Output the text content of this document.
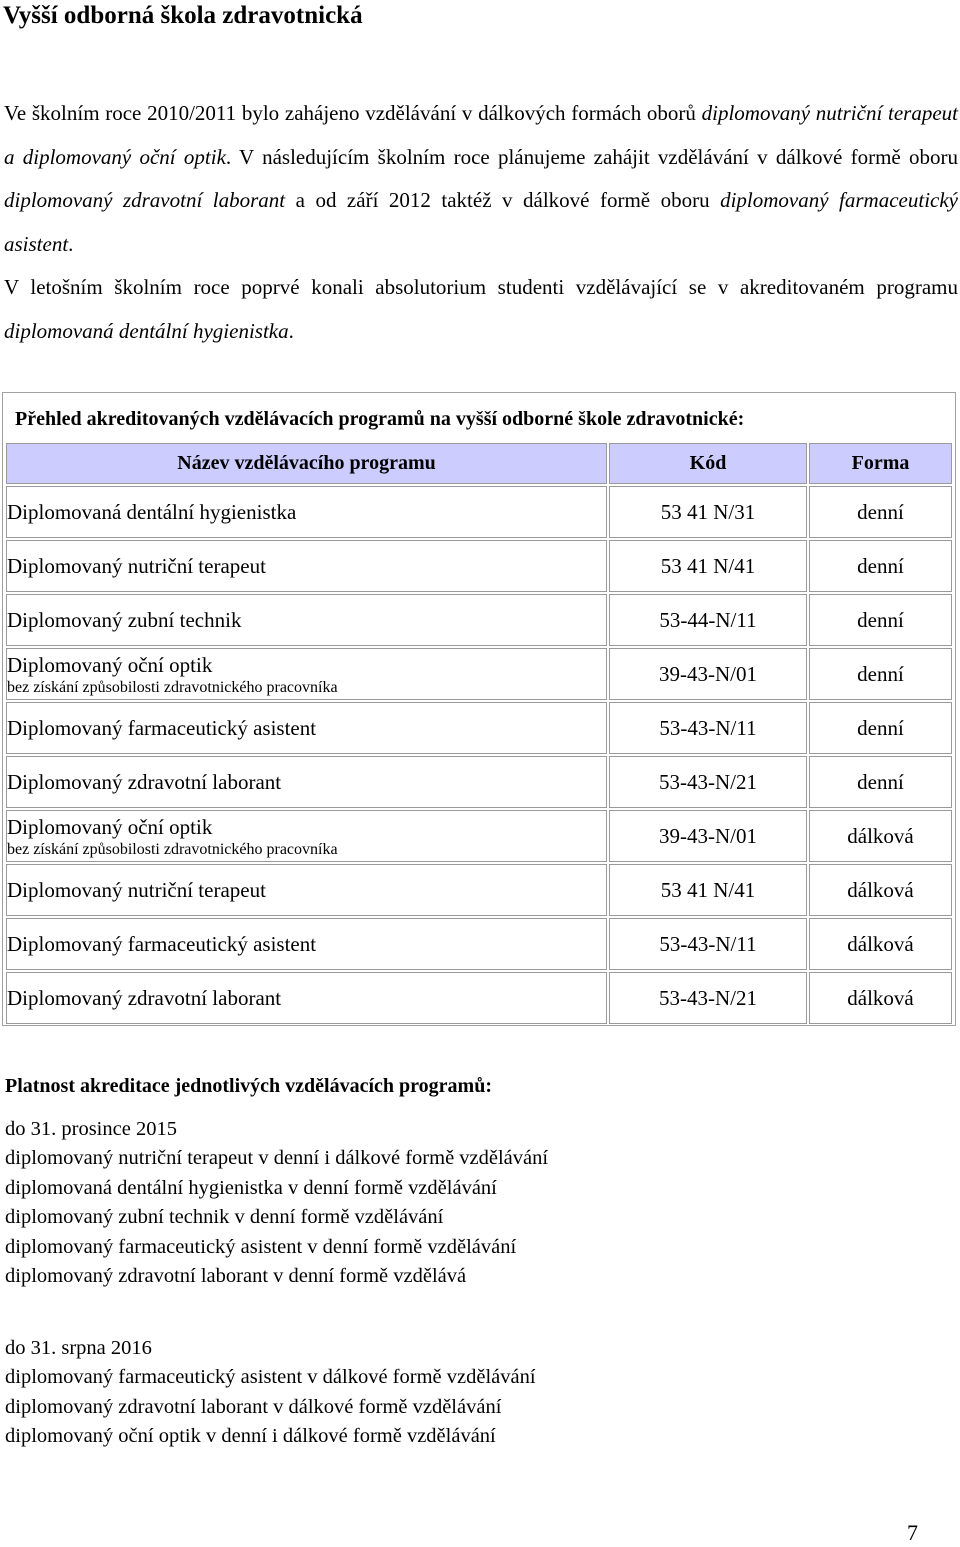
Vyšší odborná škola zdravotnická

Ve školním roce 2010/2011 bylo zahájeno vzdělávání v dálkových formách oborů diplomovaný nutriční terapeut a diplomovaný oční optik. V následujícím školním roce plánujeme zahájit vzdělávání v dálkové formě oboru diplomovaný zdravotní laborant a od září 2012 taktéž v dálkové formě oboru diplomovaný farmaceutický asistent.

V letošním školním roce poprvé konali absolutorium studenti vzdělávající se v akreditovaném programu diplomovaná dentální hygienistka.

Přehled akreditovaných vzdělávacích programů na vyšší odborné škole zdravotnické:
Název vzdělávacího programu	Kód	Forma
Diplomovaná dentální hygienistka	53 41 N/31	denní
Diplomovaný nutriční terapeut	53 41 N/41	denní
Diplomovaný zubní technik	53-44-N/11	denní

Diplomovaný oční optik
bez získání způsobilosti zdravotnického pracovníka	39-43-N/01	denní
Diplomovaný farmaceutický asistent	53-43-N/11	denní
Diplomovaný zdravotní laborant	53-43-N/21	denní

Diplomovaný oční optik
bez získání způsobilosti zdravotnického pracovníka	39-43-N/01	dálková
Diplomovaný nutriční terapeut	53 41 N/41	dálková
Diplomovaný farmaceutický asistent	53-43-N/11	dálková
Diplomovaný zdravotní laborant	53-43-N/21	dálková
Platnost akreditace jednotlivých vzdělávacích programů:
do 31. prosince 2015
diplomovaný nutriční terapeut v denní i dálkové formě vzdělávání
diplomovaná dentální hygienistka v denní formě vzdělávání
diplomovaný zubní technik v denní formě vzdělávání
diplomovaný farmaceutický asistent v denní formě vzdělávání
diplomovaný zdravotní laborant v denní formě vzdělává
do 31. srpna 2016
diplomovaný farmaceutický asistent v dálkové formě vzdělávání
diplomovaný zdravotní laborant v dálkové formě vzdělávání
diplomovaný oční optik v denní i dálkové formě vzdělávání
7
